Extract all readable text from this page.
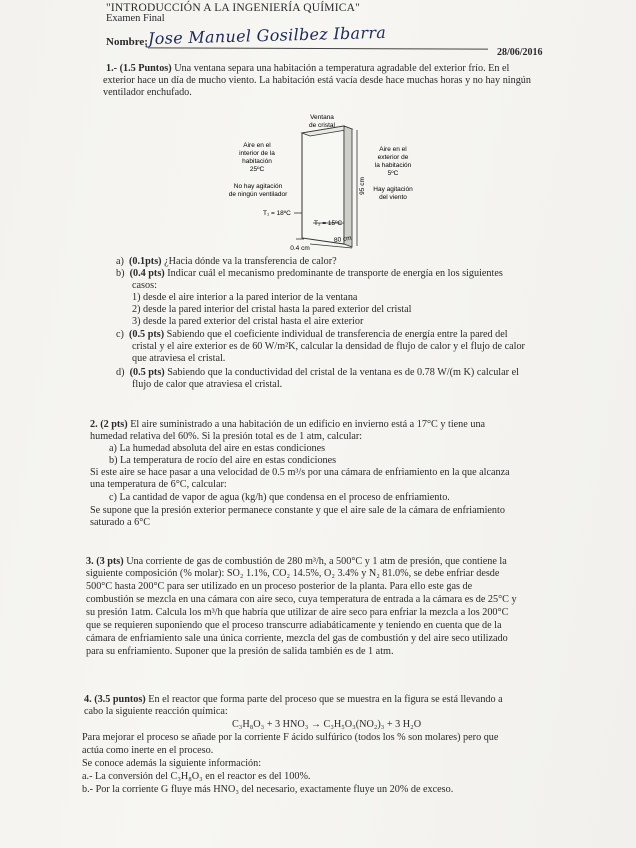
"INTRODUCCIÓN A LA INGENIERÍA QUÍMICA"
Examen Final
Nombre: Jose Manuel Gosilbez Ibarra
28/06/2016
1.- (1.5 Puntos) Una ventana separa una habitación a temperatura agradable del exterior frío. En el
exterior hace un día de mucho viento. La habitación está vacía desde hace muchas horas y no hay ningún
ventilador enchufado.
Ventana
de cristal
Aire en el
interior de la
habitación
25ºC
Aire en el
exterior de
la habitación
5ºC
No hay agitación
de ningún ventilador
Hay agitación
del viento
T₁ = 18ºC
T₂ = 15ºC
95 cm
80 cm
0.4 cm
a) (0.1pts) ¿Hacia dónde va la transferencia de calor?
b) (0.4 pts) Indicar cuál el mecanismo predominante de transporte de energía en los siguientes
casos:
1) desde el aire interior a la pared interior de la ventana
2) desde la pared interior del cristal hasta la pared exterior del cristal
3) desde la pared exterior del cristal hasta el aire exterior
c) (0.5 pts) Sabiendo que el coeficiente individual de transferencia de energía entre la pared del
cristal y el aire exterior es de 60 W/m²K, calcular la densidad de flujo de calor y el flujo de calor
que atraviesa el cristal.
d) (0.5 pts) Sabiendo que la conductividad del cristal de la ventana es de 0.78 W/(m K) calcular el
flujo de calor que atraviesa el cristal.
2. (2 pts) El aire suministrado a una habitación de un edificio en invierno está a 17°C y tiene una
humedad relativa del 60%. Si la presión total es de 1 atm, calcular:
a) La humedad absoluta del aire en estas condiciones
b) La temperatura de rocío del aire en estas condiciones
Si este aire se hace pasar a una velocidad de 0.5 m³/s por una cámara de enfriamiento en la que alcanza
una temperatura de 6°C, calcular:
c) La cantidad de vapor de agua (kg/h) que condensa en el proceso de enfriamiento.
Se supone que la presión exterior permanece constante y que el aire sale de la cámara de enfriamiento
saturado a 6°C
3. (3 pts) Una corriente de gas de combustión de 280 m³/h, a 500°C y 1 atm de presión, que contiene la
siguiente composición (% molar): SO₂ 1.1%, CO₂ 14.5%, O₂ 3.4% y N₂ 81.0%, se debe enfriar desde
500°C hasta 200°C para ser utilizado en un proceso posterior de la planta. Para ello este gas de
combustión se mezcla en una cámara con aire seco, cuya temperatura de entrada a la cámara es de 25°C y
su presión 1atm. Calcula los m³/h que habría que utilizar de aire seco para enfriar la mezcla a los 200°C
que se requieren suponiendo que el proceso transcurre adiabáticamente y teniendo en cuenta que de la
cámara de enfriamiento sale una única corriente, mezcla del gas de combustión y del aire seco utilizado
para su enfriamiento. Suponer que la presión de salida también es de 1 atm.
4. (3.5 puntos) En el reactor que forma parte del proceso que se muestra en la figura se está llevando a
cabo la siguiente reacción química:
C₃H₈O₃ + 3 HNO₃ → C₃H₅O₃(NO₂)₃ + 3 H₂O
Para mejorar el proceso se añade por la corriente F ácido sulfúrico (todos los % son molares) pero que
actúa como inerte en el proceso.
Se conoce además la siguiente información:
a.- La conversión del C₃H₈O₃ en el reactor es del 100%.
b.- Por la corriente G fluye más HNO₃ del necesario, exactamente fluye un 20% de exceso.
